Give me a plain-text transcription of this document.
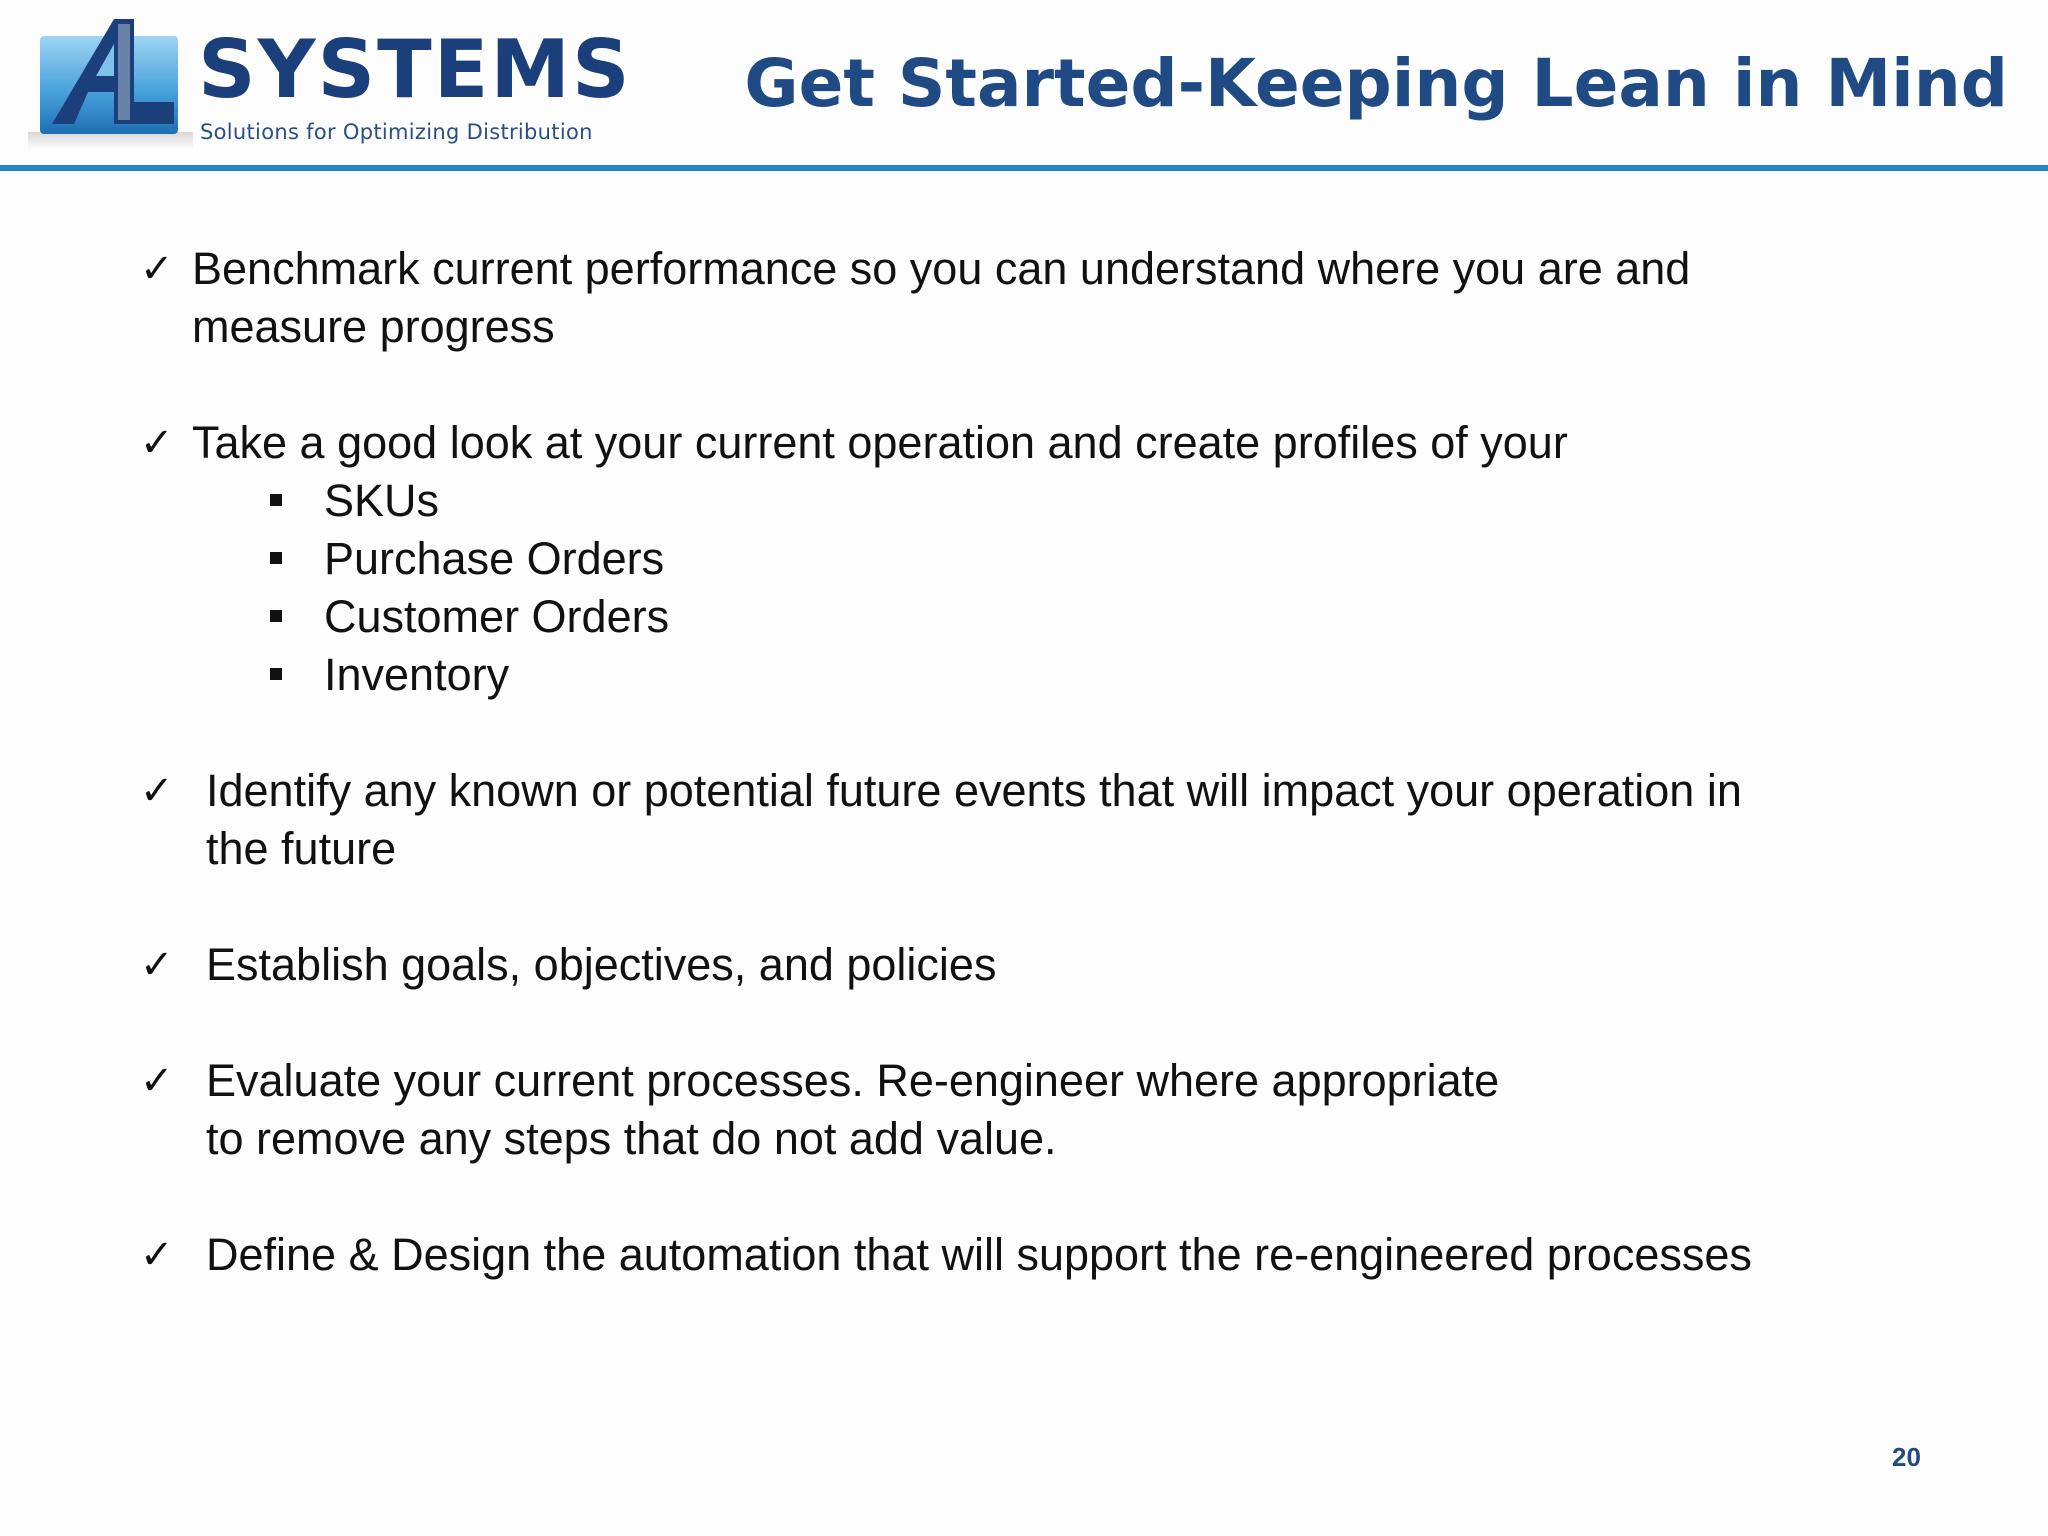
SYSTEMS
Solutions for Optimizing Distribution
Get Started-Keeping Lean in Mind
✓ Benchmark current performance so you can understand where you are and
measure progress
✓ Take a good look at your current operation and create profiles of your
SKUs
Purchase Orders
Customer Orders
Inventory
✓ Identify any known or potential future events that will impact your operation in
the future
✓ Establish goals, objectives, and policies
✓ Evaluate your current processes. Re-engineer where appropriate
to remove any steps that do not add value.
✓ Define & Design the automation that will support the re-engineered processes
20
